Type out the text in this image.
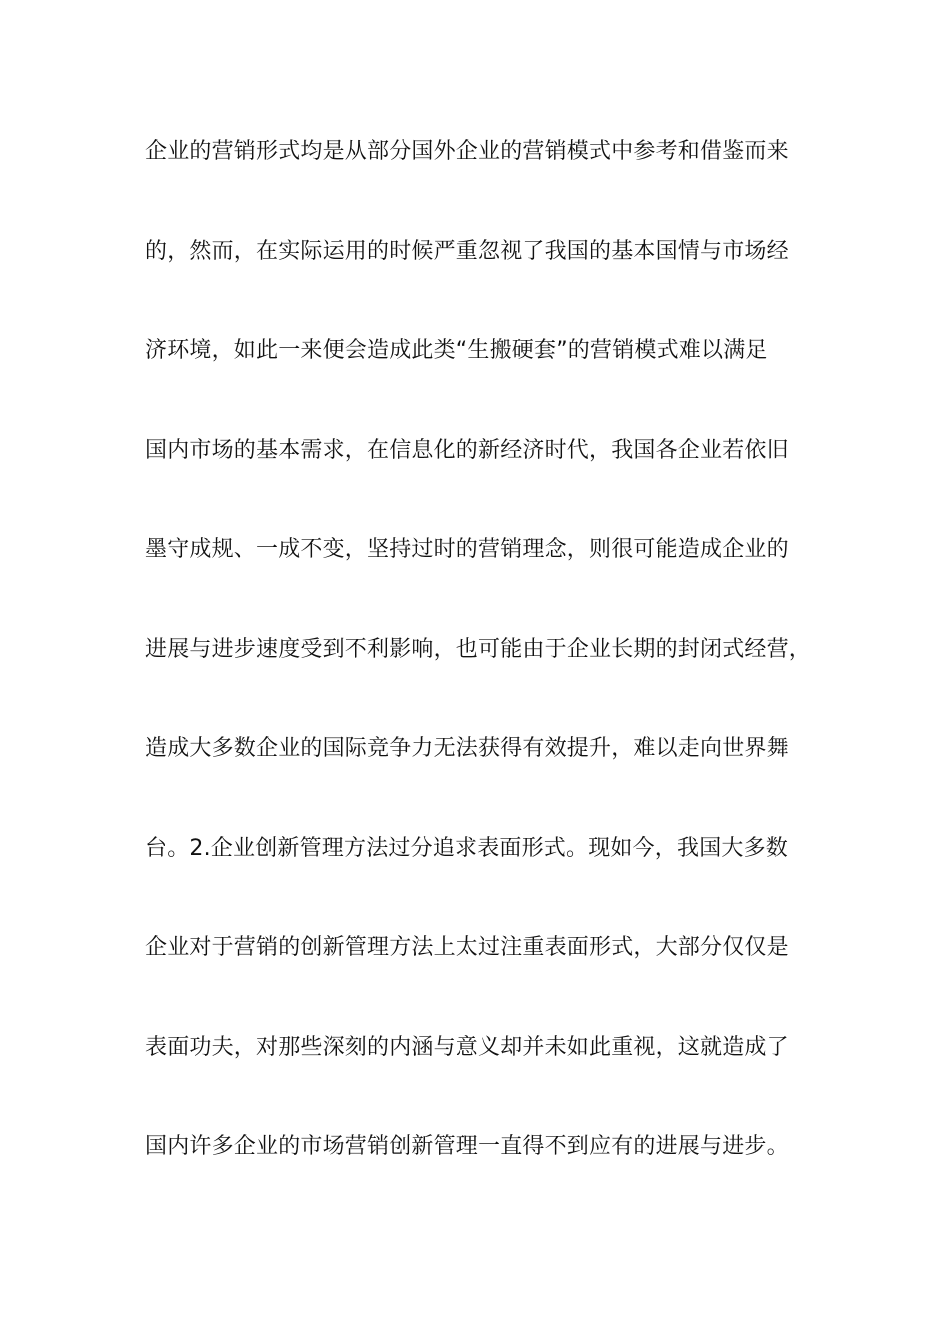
企业的营销形式均是从部分国外企业的营销模式中参考和借鉴而来
的，然而，在实际运用的时候严重忽视了我国的基本国情与市场经
济环境，如此一来便会造成此类“生搬硬套”的营销模式难以满足
国内市场的基本需求，在信息化的新经济时代，我国各企业若依旧
墨守成规、一成不变，坚持过时的营销理念，则很可能造成企业的
进展与进步速度受到不利影响，也可能由于企业长期的封闭式经营，
造成大多数企业的国际竞争力无法获得有效提升，难以走向世界舞
台。2.企业创新管理方法过分追求表面形式。现如今，我国大多数
企业对于营销的创新管理方法上太过注重表面形式，大部分仅仅是
表面功夫，对那些深刻的内涵与意义却并未如此重视，这就造成了
国内许多企业的市场营销创新管理一直得不到应有的进展与进步。
